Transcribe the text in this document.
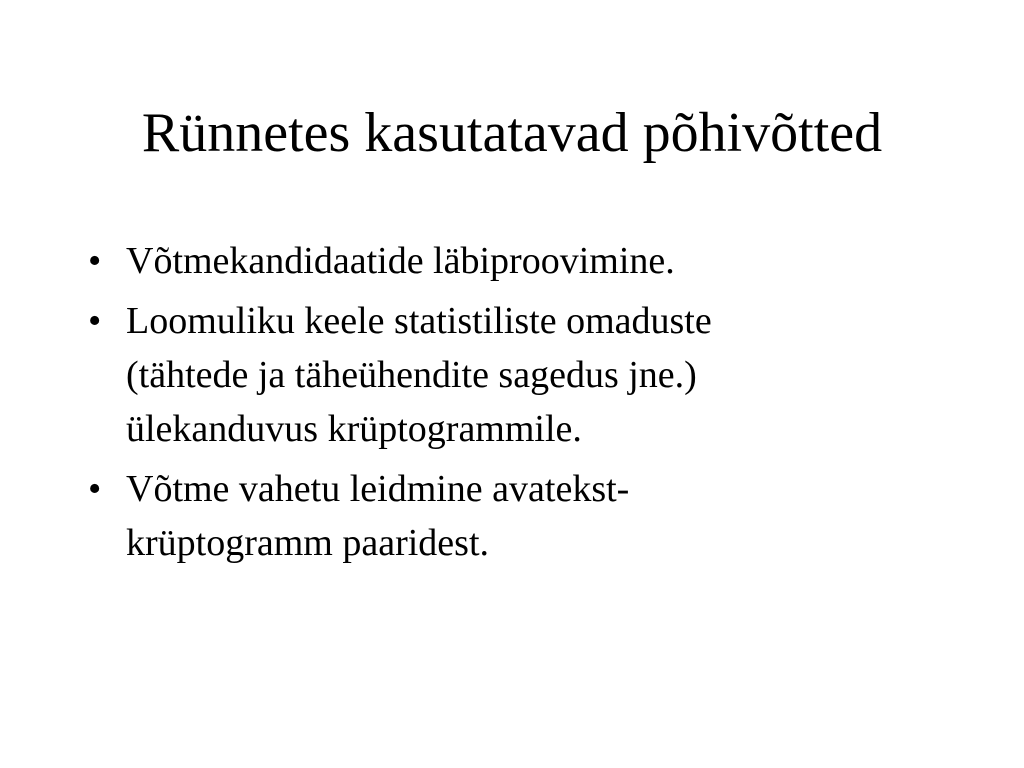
Rünnetes kasutatavad põhivõtted
• Võtmekandidaatide läbiproovimine.
• Loomuliku keele statistiliste omaduste
(tähtede ja täheühendite sagedus jne.)
ülekanduvus krüptogrammile.
• Võtme vahetu leidmine avatekst-
krüptogramm paaridest.
